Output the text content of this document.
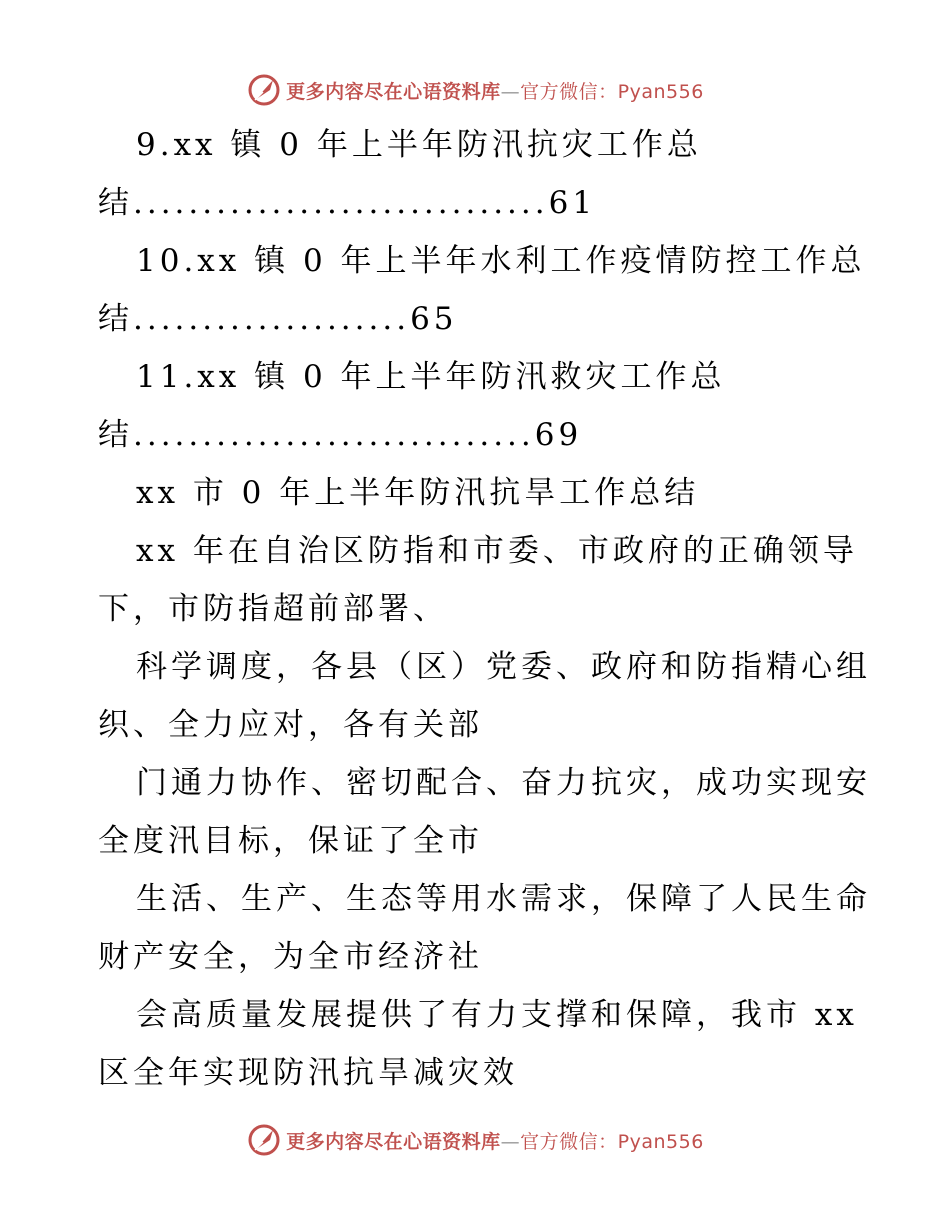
更多内容尽在心语资料库—官方微信：Pyan556
9.xx 镇 0 年上半年防汛抗灾工作总
结..............................61
10.xx 镇 0 年上半年水利工作疫情防控工作总
结....................65
11.xx 镇 0 年上半年防汛救灾工作总
结.............................69
xx 市 0 年上半年防汛抗旱工作总结
xx 年在自治区防指和市委、市政府的正确领导
下，市防指超前部署、
科学调度，各县（区）党委、政府和防指精心组
织、全力应对，各有关部
门通力协作、密切配合、奋力抗灾，成功实现安
全度汛目标，保证了全市
生活、生产、生态等用水需求，保障了人民生命
财产安全，为全市经济社
会高质量发展提供了有力支撑和保障，我市 xx
区全年实现防汛抗旱减灾效
更多内容尽在心语资料库—官方微信：Pyan556
